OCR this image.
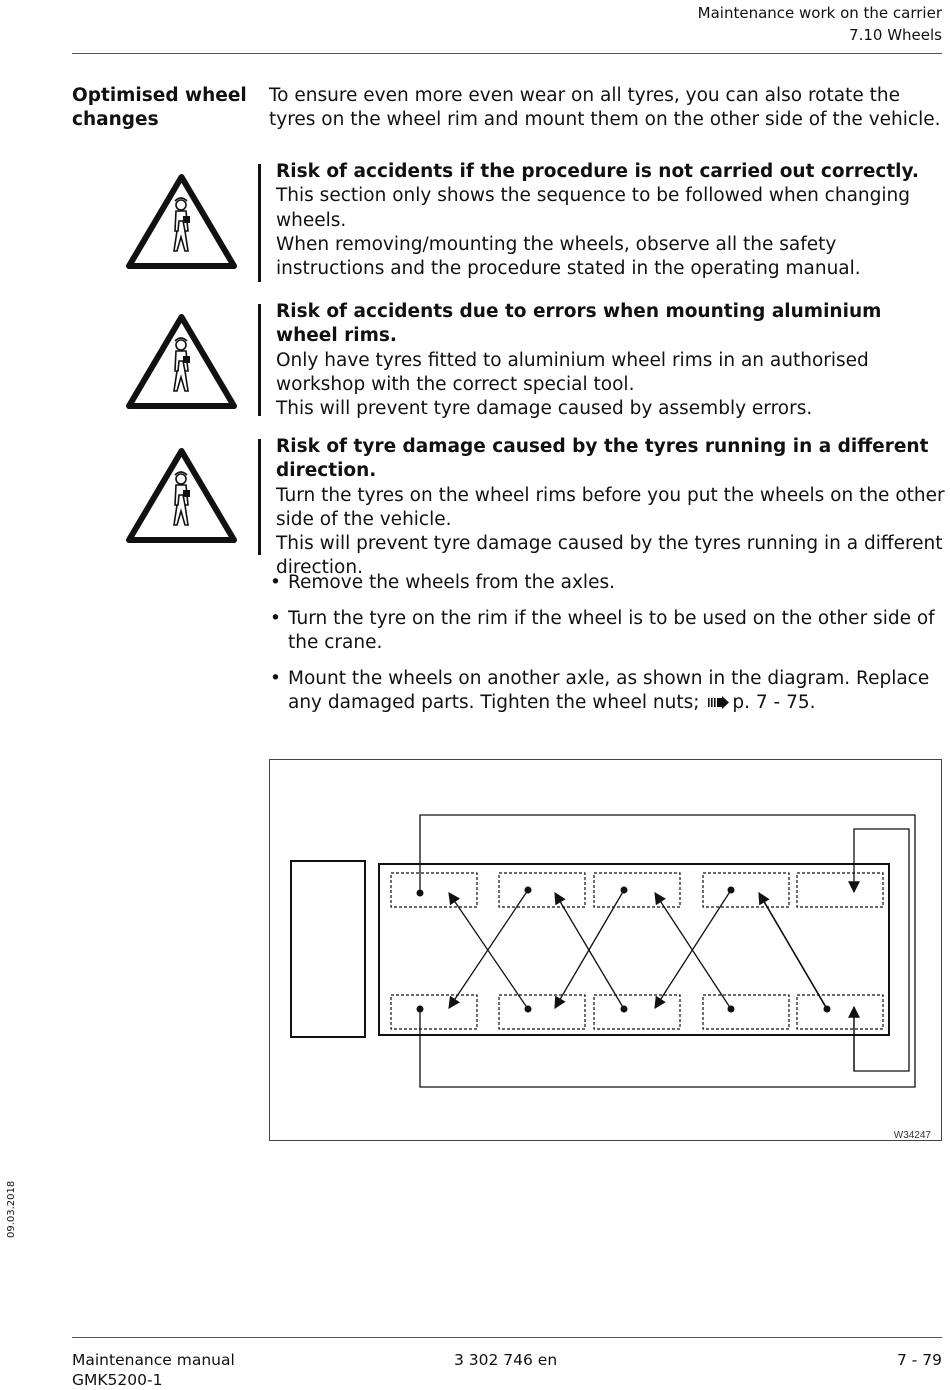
Maintenance work on the carrier
7.10 Wheels
Optimised wheel changes
To ensure even more even wear on all tyres, you can also rotate the tyres on the wheel rim and mount them on the other side of the vehicle.
Risk of accidents if the procedure is not carried out correctly.
This section only shows the sequence to be followed when changing wheels.
When removing/mounting the wheels, observe all the safety instructions and the procedure stated in the operating manual.
Risk of accidents due to errors when mounting aluminium wheel rims.
Only have tyres fitted to aluminium wheel rims in an authorised workshop with the correct special tool.
This will prevent tyre damage caused by assembly errors.
Risk of tyre damage caused by the tyres running in a different direction.
Turn the tyres on the wheel rims before you put the wheels on the other side of the vehicle.
This will prevent tyre damage caused by the tyres running in a different direction.
• Remove the wheels from the axles.
• Turn the tyre on the rim if the wheel is to be used on the other side of the crane.
• Mount the wheels on another axle, as shown in the diagram. Replace any damaged parts. Tighten the wheel nuts; p. 7 - 75.
W34247
09.03.2018
Maintenance manual
GMK5200-1
3 302 746 en	7 - 79
